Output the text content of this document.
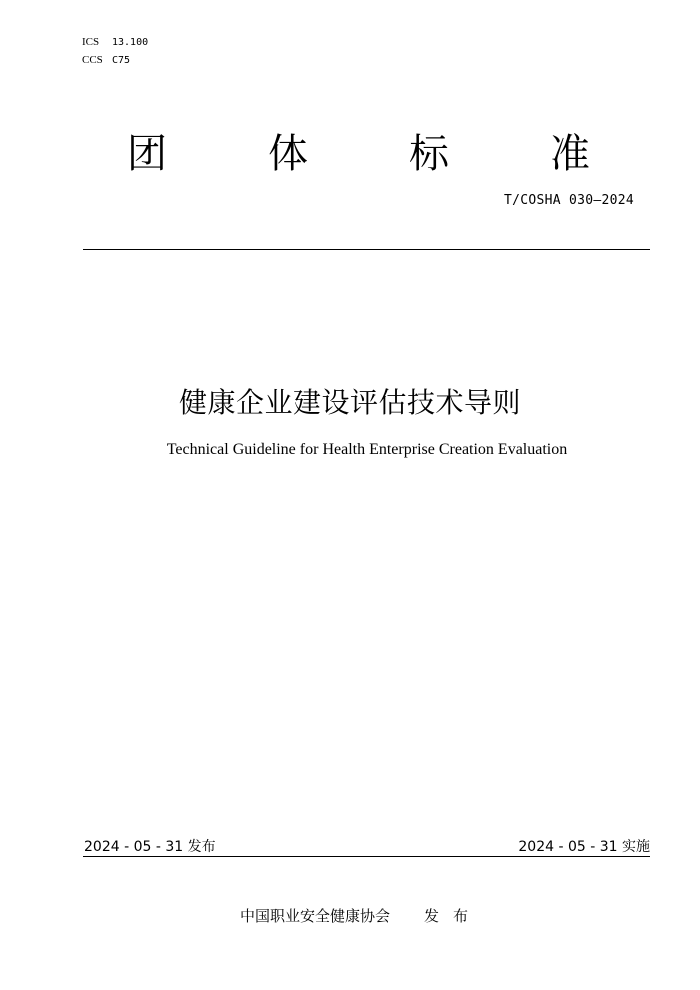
ICS 13.100
CCS C75
团	体	标	准
T/COSHA 030—2024
健康企业建设评估技术导则
Technical Guideline for Health Enterprise Creation Evaluation
2024 - 05 - 31 发布	2024 - 05 - 31 实施
中国职业安全健康协会 发布
